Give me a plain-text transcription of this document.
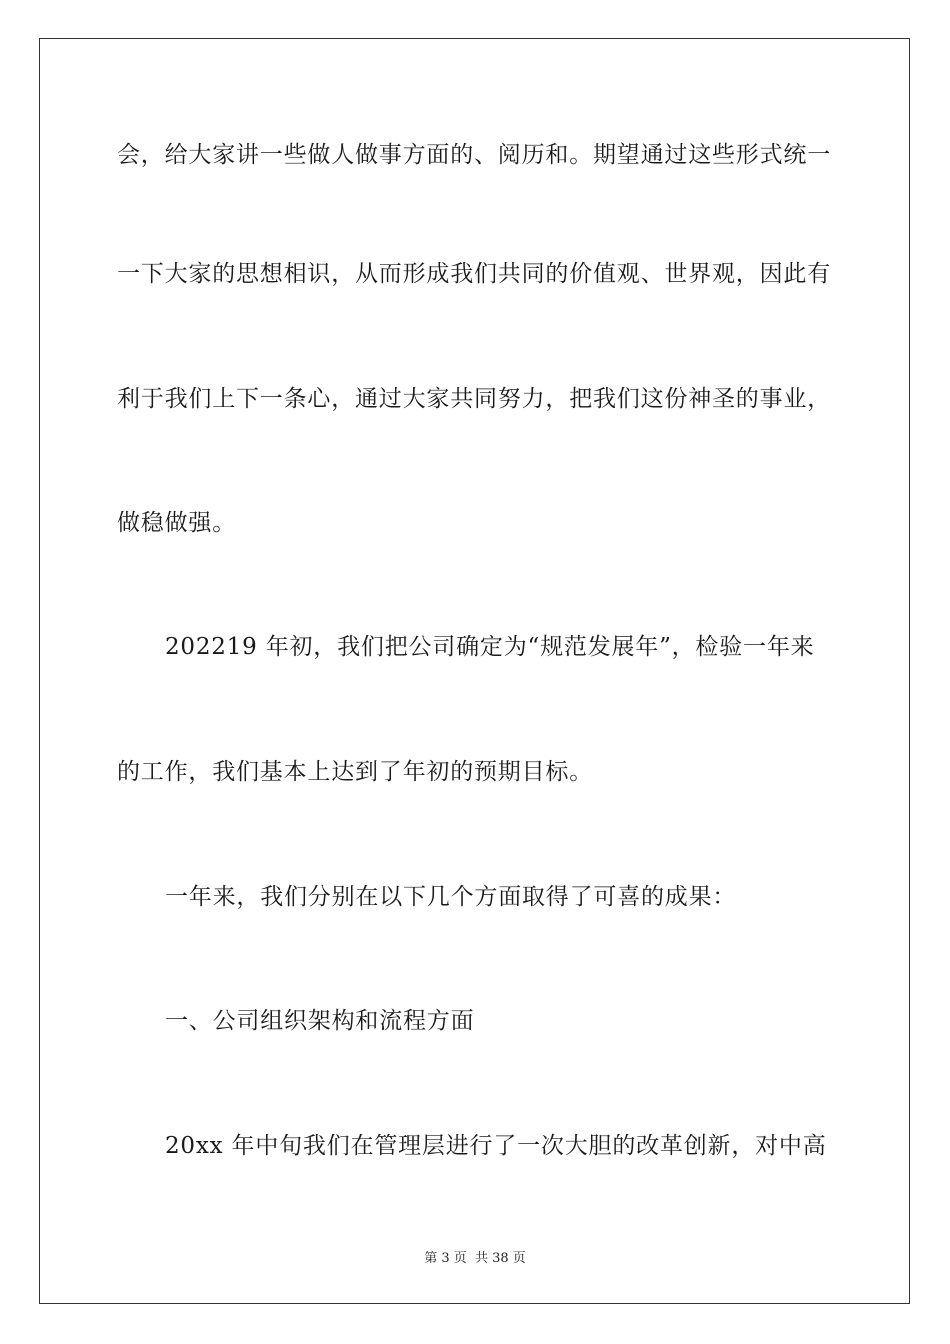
会，给大家讲一些做人做事方面的、阅历和。期望通过这些形式统一
一下大家的思想相识，从而形成我们共同的价值观、世界观，因此有
利于我们上下一条心，通过大家共同努力，把我们这份神圣的事业，
做稳做强。
202219 年初，我们把公司确定为“规范发展年”，检验一年来
的工作，我们基本上达到了年初的预期目标。
一年来，我们分别在以下几个方面取得了可喜的成果：
一、公司组织架构和流程方面
20xx 年中旬我们在管理层进行了一次大胆的改革创新，对中高
第 3 页 共 38 页
